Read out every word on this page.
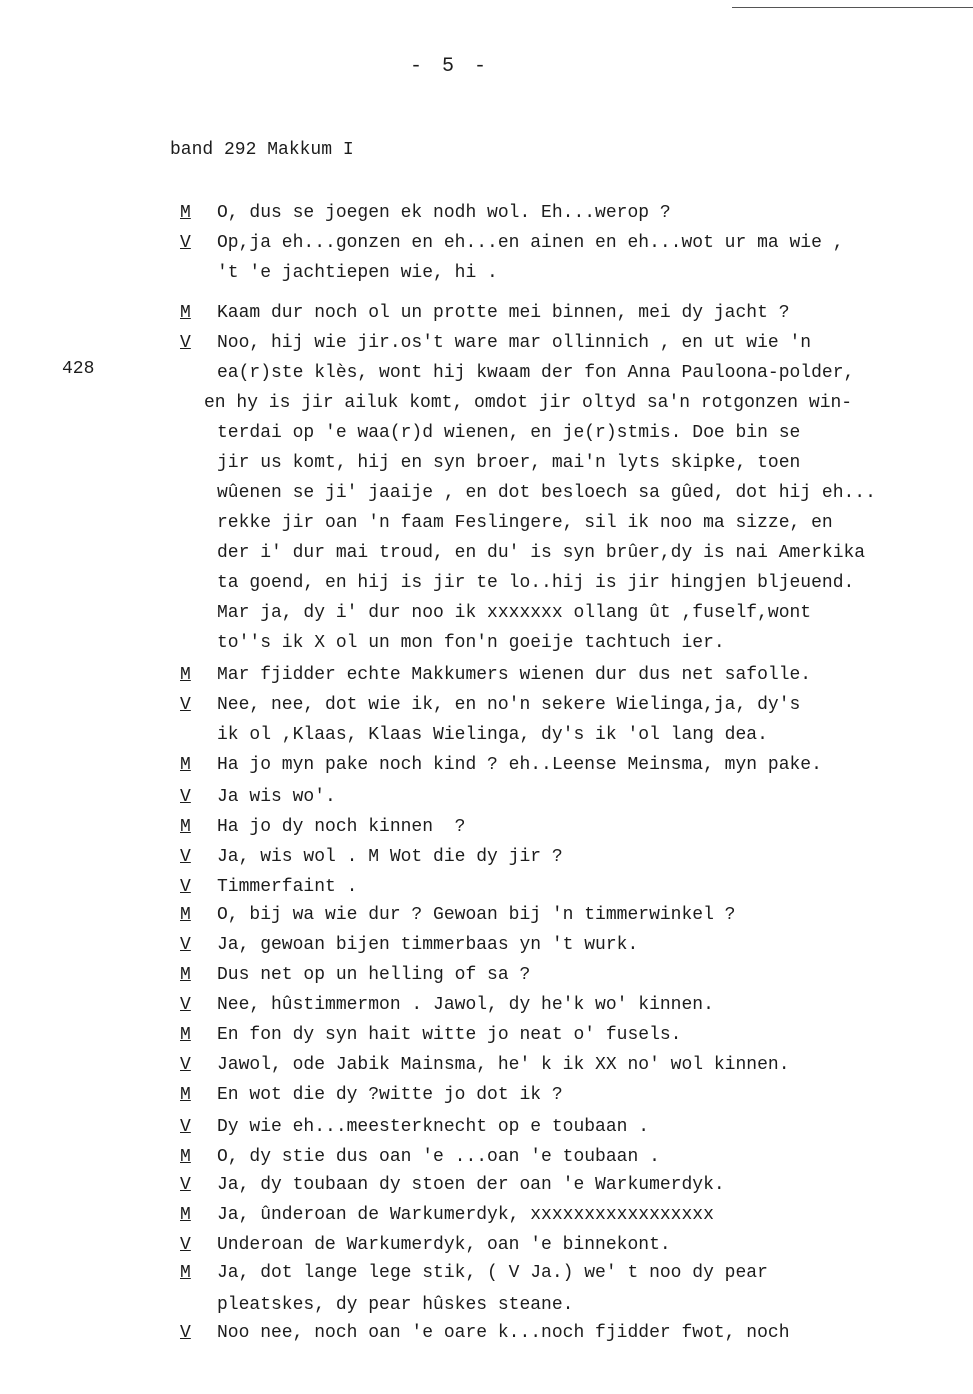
- 5 -
band 292 Makkum I
428
M O, dus se joegen ek nodh wol. Eh...werop ?
V Op,ja eh...gonzen en eh...en ainen en eh...wot ur ma wie ,
't 'e jachtiepen wie, hi .
M Kaam dur noch ol un protte mei binnen, mei dy jacht ?
V Noo, hij wie jir.os't ware mar ollinnich , en ut wie 'n
ea(r)ste klès, wont hij kwaam der fon Anna Pauloona-polder,
en hy is jir ailuk komt, omdot jir oltyd sa'n rotgonzen win-
terdai op 'e waa(r)d wienen, en je(r)stmis. Doe bin se
jir us komt, hij en syn broer, mai'n lyts skipke, toen
wûenen se ji' jaaije , en dot besloech sa gûed, dot hij eh...
rekke jir oan 'n faam Feslingere, sil ik noo ma sizze, en
der i' dur mai troud, en du' is syn brûer,dy is nai Amerkika
ta goend, en hij is jir te lo..hij is jir hingjen bljeuend.
Mar ja, dy i' dur noo ik xxxxxxx ollang ût ,fuself,wont
to''s ik X ol un mon fon'n goeije tachtuch ier.
M Mar fjidder echte Makkumers wienen dur dus net safolle.
V Nee, nee, dot wie ik, en no'n sekere Wielinga,ja, dy's
ik ol ,Klaas, Klaas Wielinga, dy's ik 'ol lang dea.
M Ha jo myn pake noch kind ? eh..Leense Meinsma, myn pake.
V Ja wis wo'.
M Ha jo dy noch kinnen  ?
V Ja, wis wol . M Wot die dy jir ?
V Timmerfaint .
M O, bij wa wie dur ? Gewoan bij 'n timmerwinkel ?
V Ja, gewoan bijen timmerbaas yn 't wurk.
M Dus net op un helling of sa ?
V Nee, hûstimmermon . Jawol, dy he'k wo' kinnen.
M En fon dy syn hait witte jo neat o' fusels.
V Jawol, ode Jabik Mainsma, he' k ik XX no' wol kinnen.
M En wot die dy ?witte jo dot ik ?
V Dy wie eh...meesterknecht op e toubaan .
M O, dy stie dus oan 'e ...oan 'e toubaan .
V Ja, dy toubaan dy stoen der oan 'e Warkumerdyk.
M Ja, ûnderoan de Warkumerdyk, xxxxxxxxxxxxxxxxx
V Underoan de Warkumerdyk, oan 'e binnekont.
M Ja, dot lange lege stik, ( V Ja.) we' t noo dy pear
pleatskes, dy pear hûskes steane.
V Noo nee, noch oan 'e oare k...noch fjidder fwot, noch
